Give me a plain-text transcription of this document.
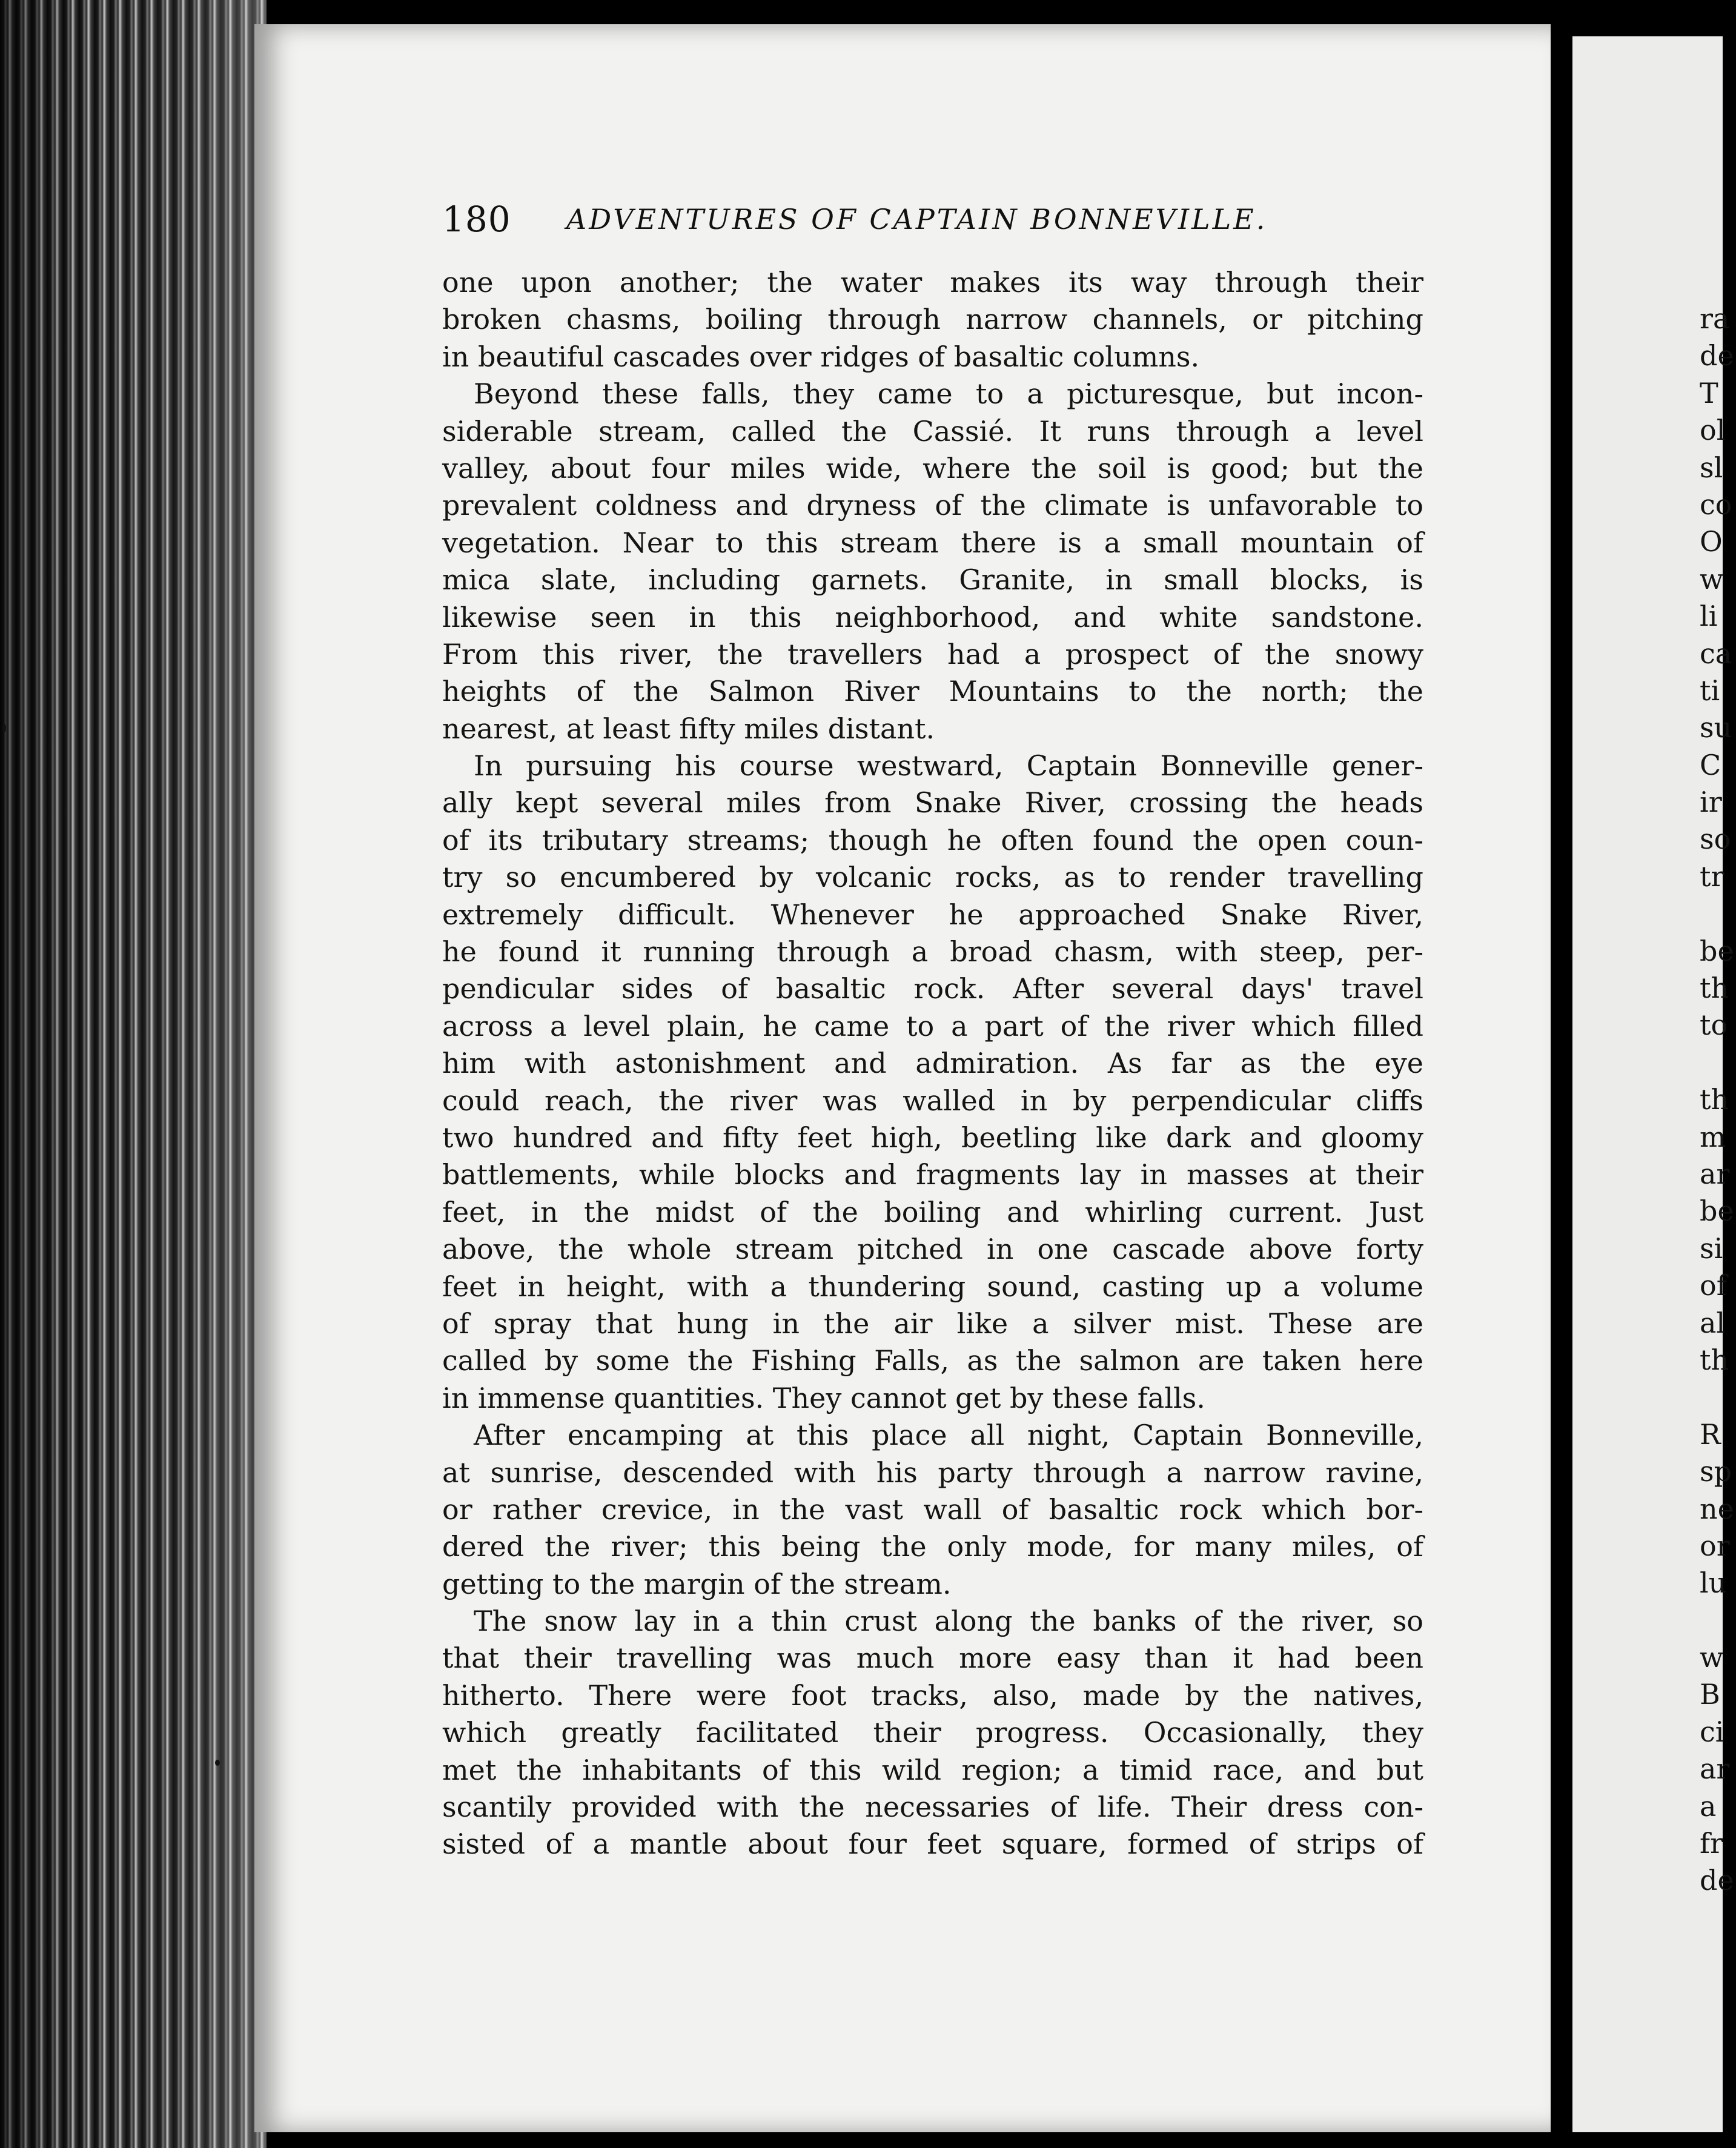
180 ADVENTURES OF CAPTAIN BONNEVILLE.
one upon another; the water makes its way through their
broken chasms, boiling through narrow channels, or pitching
in beautiful cascades over ridges of basaltic columns.
Beyond these falls, they came to a picturesque, but incon-
siderable stream, called the Cassié. It runs through a level
valley, about four miles wide, where the soil is good; but the
prevalent coldness and dryness of the climate is unfavorable to
vegetation. Near to this stream there is a small mountain of
mica slate, including garnets. Granite, in small blocks, is
likewise seen in this neighborhood, and white sandstone.
From this river, the travellers had a prospect of the snowy
heights of the Salmon River Mountains to the north; the
nearest, at least fifty miles distant.
In pursuing his course westward, Captain Bonneville gener-
ally kept several miles from Snake River, crossing the heads
of its tributary streams; though he often found the open coun-
try so encumbered by volcanic rocks, as to render travelling
extremely difficult. Whenever he approached Snake River,
he found it running through a broad chasm, with steep, per-
pendicular sides of basaltic rock. After several days' travel
across a level plain, he came to a part of the river which filled
him with astonishment and admiration. As far as the eye
could reach, the river was walled in by perpendicular cliffs
two hundred and fifty feet high, beetling like dark and gloomy
battlements, while blocks and fragments lay in masses at their
feet, in the midst of the boiling and whirling current. Just
above, the whole stream pitched in one cascade above forty
feet in height, with a thundering sound, casting up a volume
of spray that hung in the air like a silver mist. These are
called by some the Fishing Falls, as the salmon are taken here
in immense quantities. They cannot get by these falls.
After encamping at this place all night, Captain Bonneville,
at sunrise, descended with his party through a narrow ravine,
or rather crevice, in the vast wall of basaltic rock which bor-
dered the river; this being the only mode, for many miles, of
getting to the margin of the stream.
The snow lay in a thin crust along the banks of the river, so
that their travelling was much more easy than it had been
hitherto. There were foot tracks, also, made by the natives,
which greatly facilitated their progress. Occasionally, they
met the inhabitants of this wild region; a timid race, and but
scantily provided with the necessaries of life. Their dress con-
sisted of a mantle about four feet square, formed of strips of
ra
de
T
ol
sl
co
O
w
li
ca
ti
su
C
ir
so
tr
be
th
to
th
m
ar
be
si
of
al
th
R
sp
ne
or
lu
w
B
ci
ar
a
fr
de
